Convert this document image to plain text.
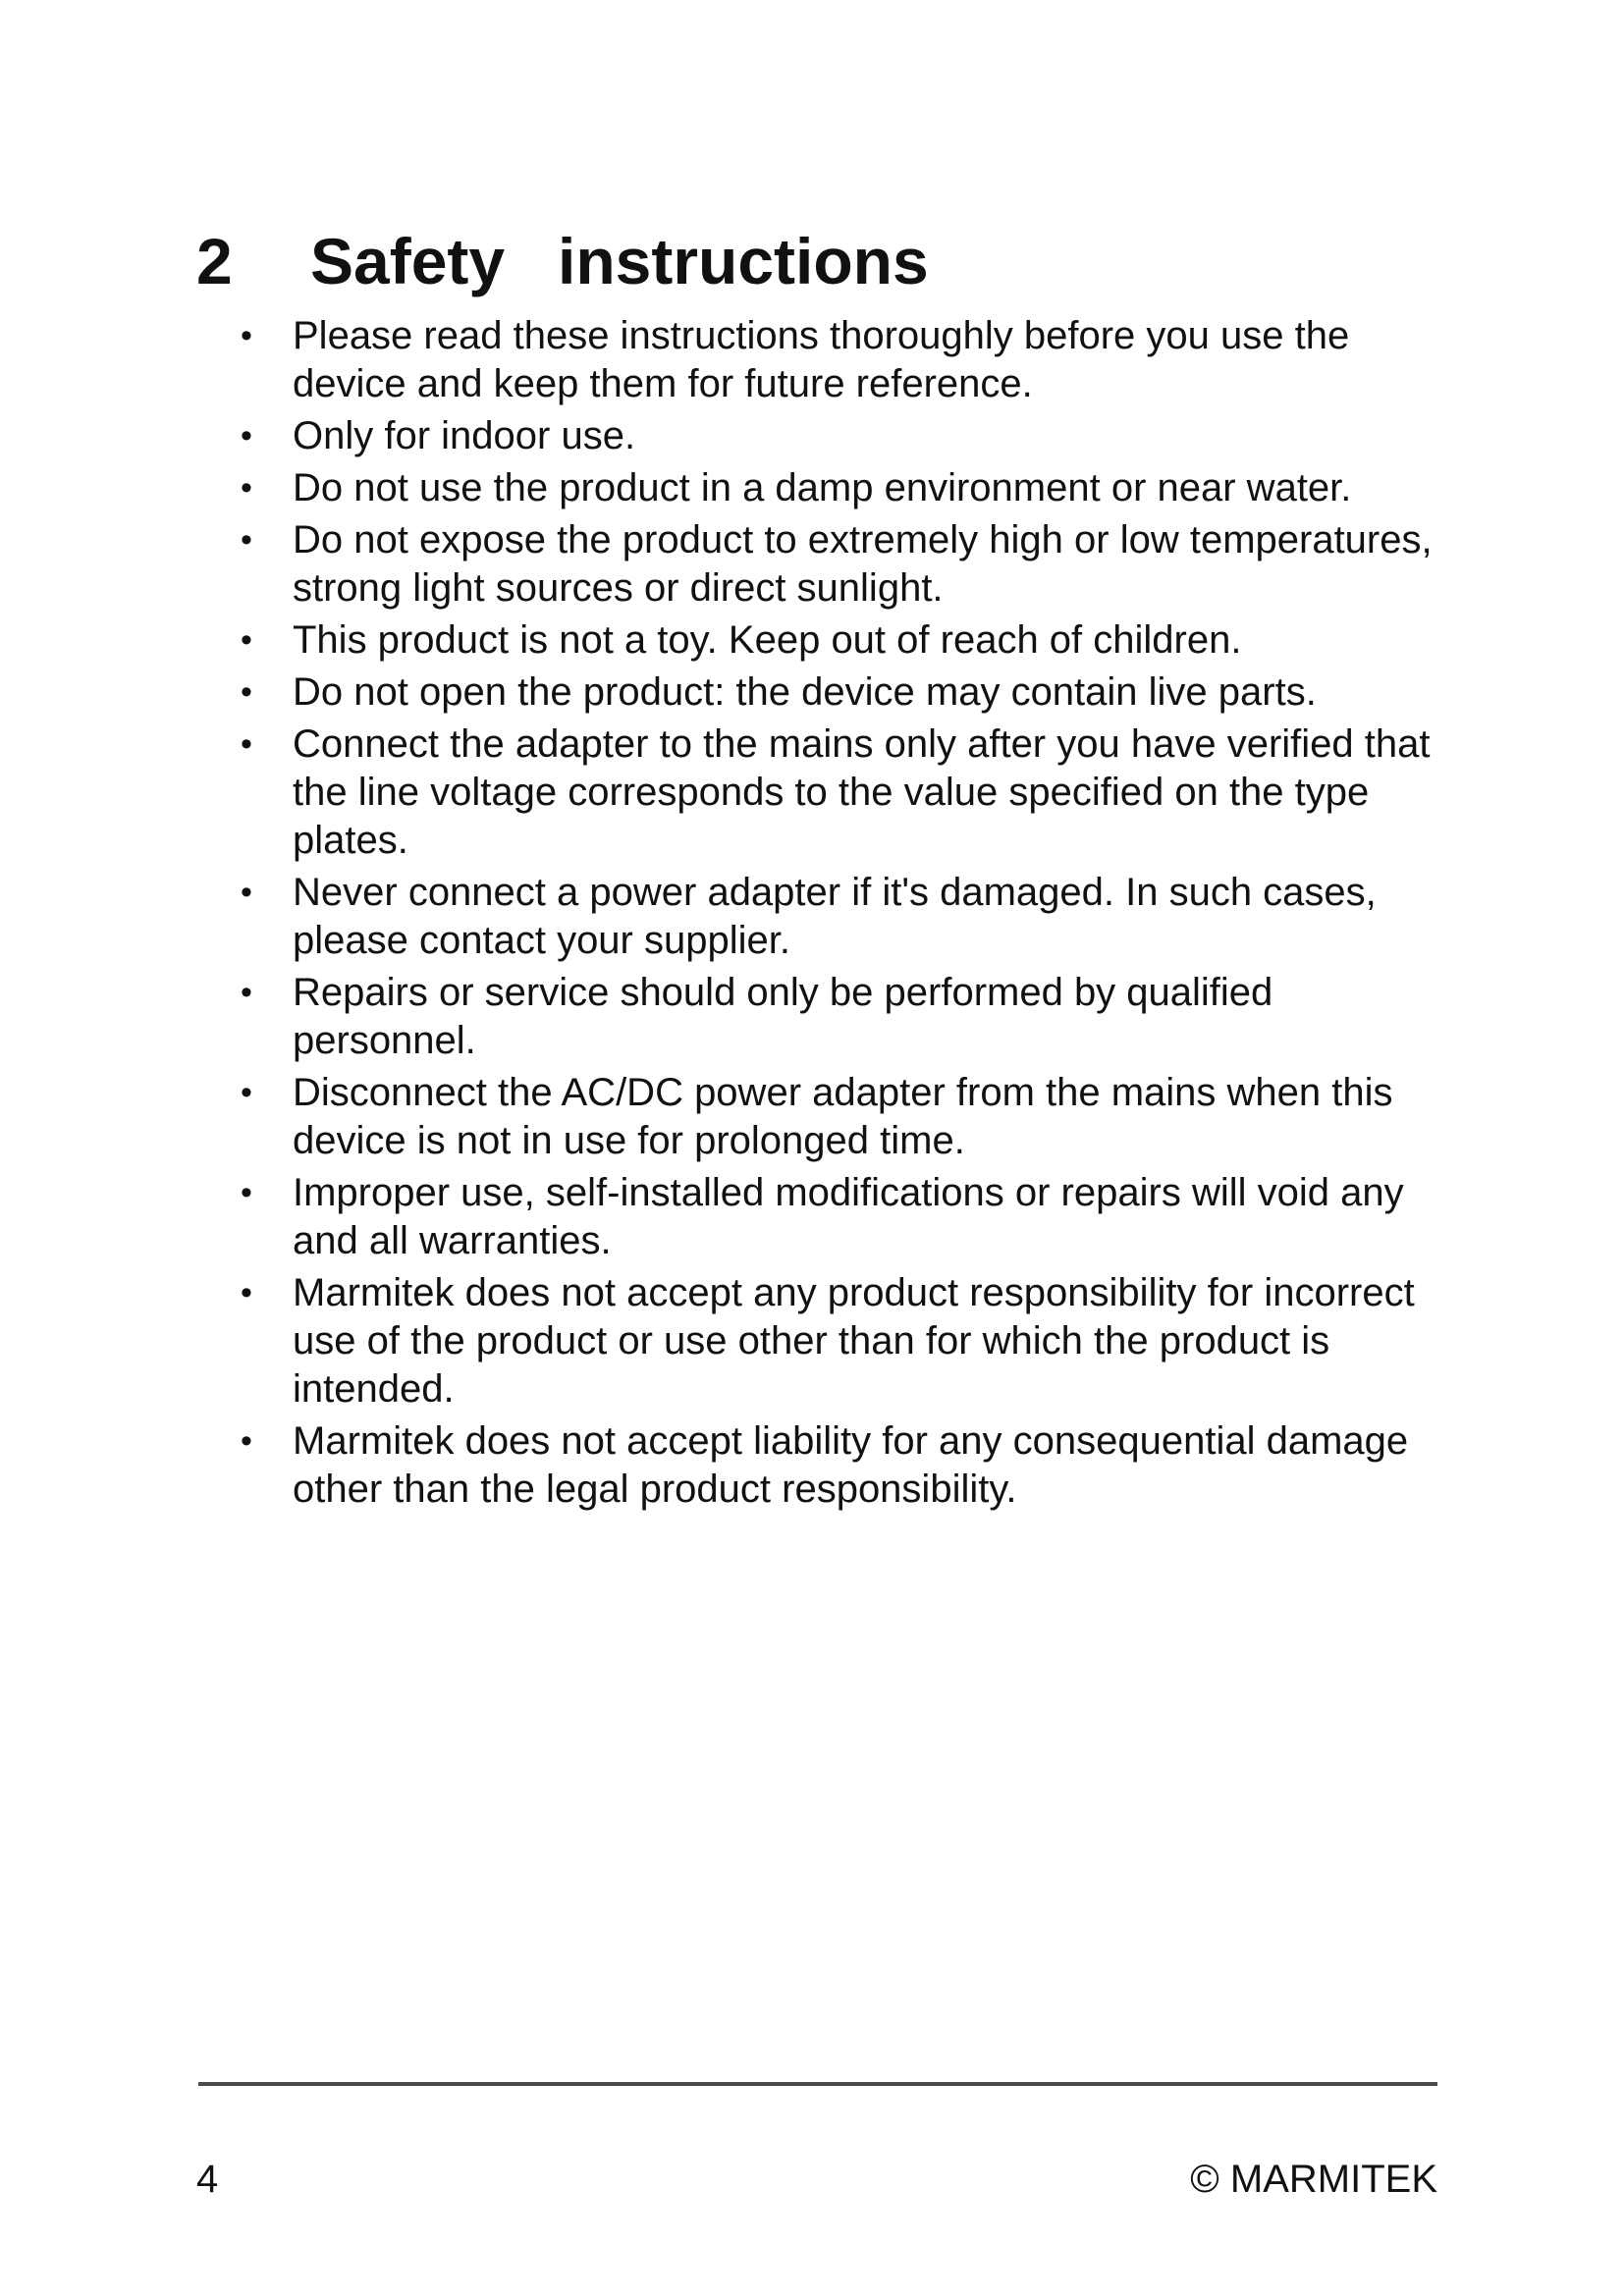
2 Safety instructions
• Please read these instructions thoroughly before you use the device and keep them for future reference.
• Only for indoor use.
• Do not use the product in a damp environment or near water.
• Do not expose the product to extremely high or low temperatures, strong light sources or direct sunlight.
• This product is not a toy. Keep out of reach of children.
• Do not open the product: the device may contain live parts.
• Connect the adapter to the mains only after you have verified that the line voltage corresponds to the value specified on the type plates.
• Never connect a power adapter if it's damaged. In such cases, please contact your supplier.
• Repairs or service should only be performed by qualified personnel.
• Disconnect the AC/DC power adapter from the mains when this device is not in use for prolonged time.
• Improper use, self-installed modifications or repairs will void any and all warranties.
• Marmitek does not accept any product responsibility for incorrect use of the product or use other than for which the product is intended.
• Marmitek does not accept liability for any consequential damage other than the legal product responsibility.
4	© MARMITEK
